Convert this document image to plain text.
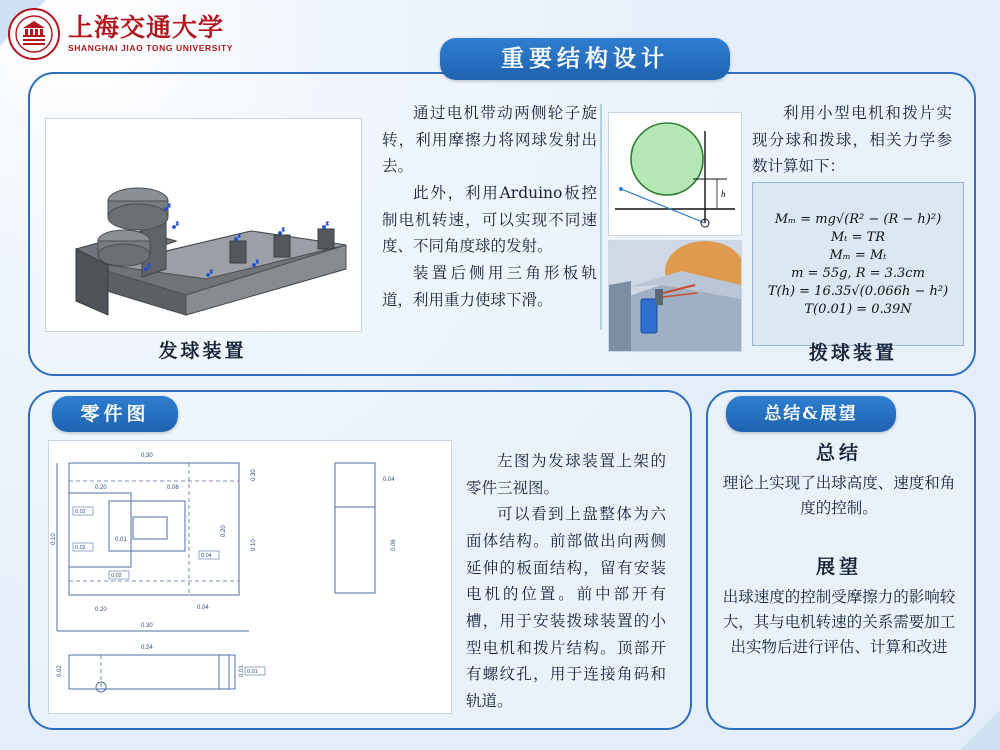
上海交通大学
SHANGHAI JIAO TONG UNIVERSITY	重要结构设计
z
z
z
z
z
z
z
z
发球装置

通过电机带动两侧轮子旋转，利用摩擦力将网球发射出去。

此外，利用Arduino板控制电机转速，可以实现不同速度、不同角度球的发射。

装置后侧用三角形板轨道，利用重力使球下滑。

h

利用小型电机和拨片实现分球和拨球，相关力学参数计算如下：

Mₘ = mg√(R² − (R − h)²)
Mₜ = TR
Mₘ = Mₜ
m = 55g, R = 3.3cm
T(h) = 16.35√(0.066h − h²)
T(0.01) = 0.39N
拨球装置
零件图
0.30
0.20	0.06
0.20
0.30
0.04
0.10
0.30
0.10
0.20
0.04
0.06
0.24
0.02	0.01
0.01
0.02
0.02
0.02
0.04
0.01

左图为发球装置上架的零件三视图。

可以看到上盘整体为六面体结构。前部做出向两侧延伸的板面结构，留有安装电机的位置。前中部开有槽，用于安装拨球装置的小型电机和拨片结构。顶部开有螺纹孔，用于连接角码和轨道。

总结&展望
总结
理论上实现了出球高度、速度和角度的控制。
展望
出球速度的控制受摩擦力的影响较大，其与电机转速的关系需要加工出实物后进行评估、计算和改进
